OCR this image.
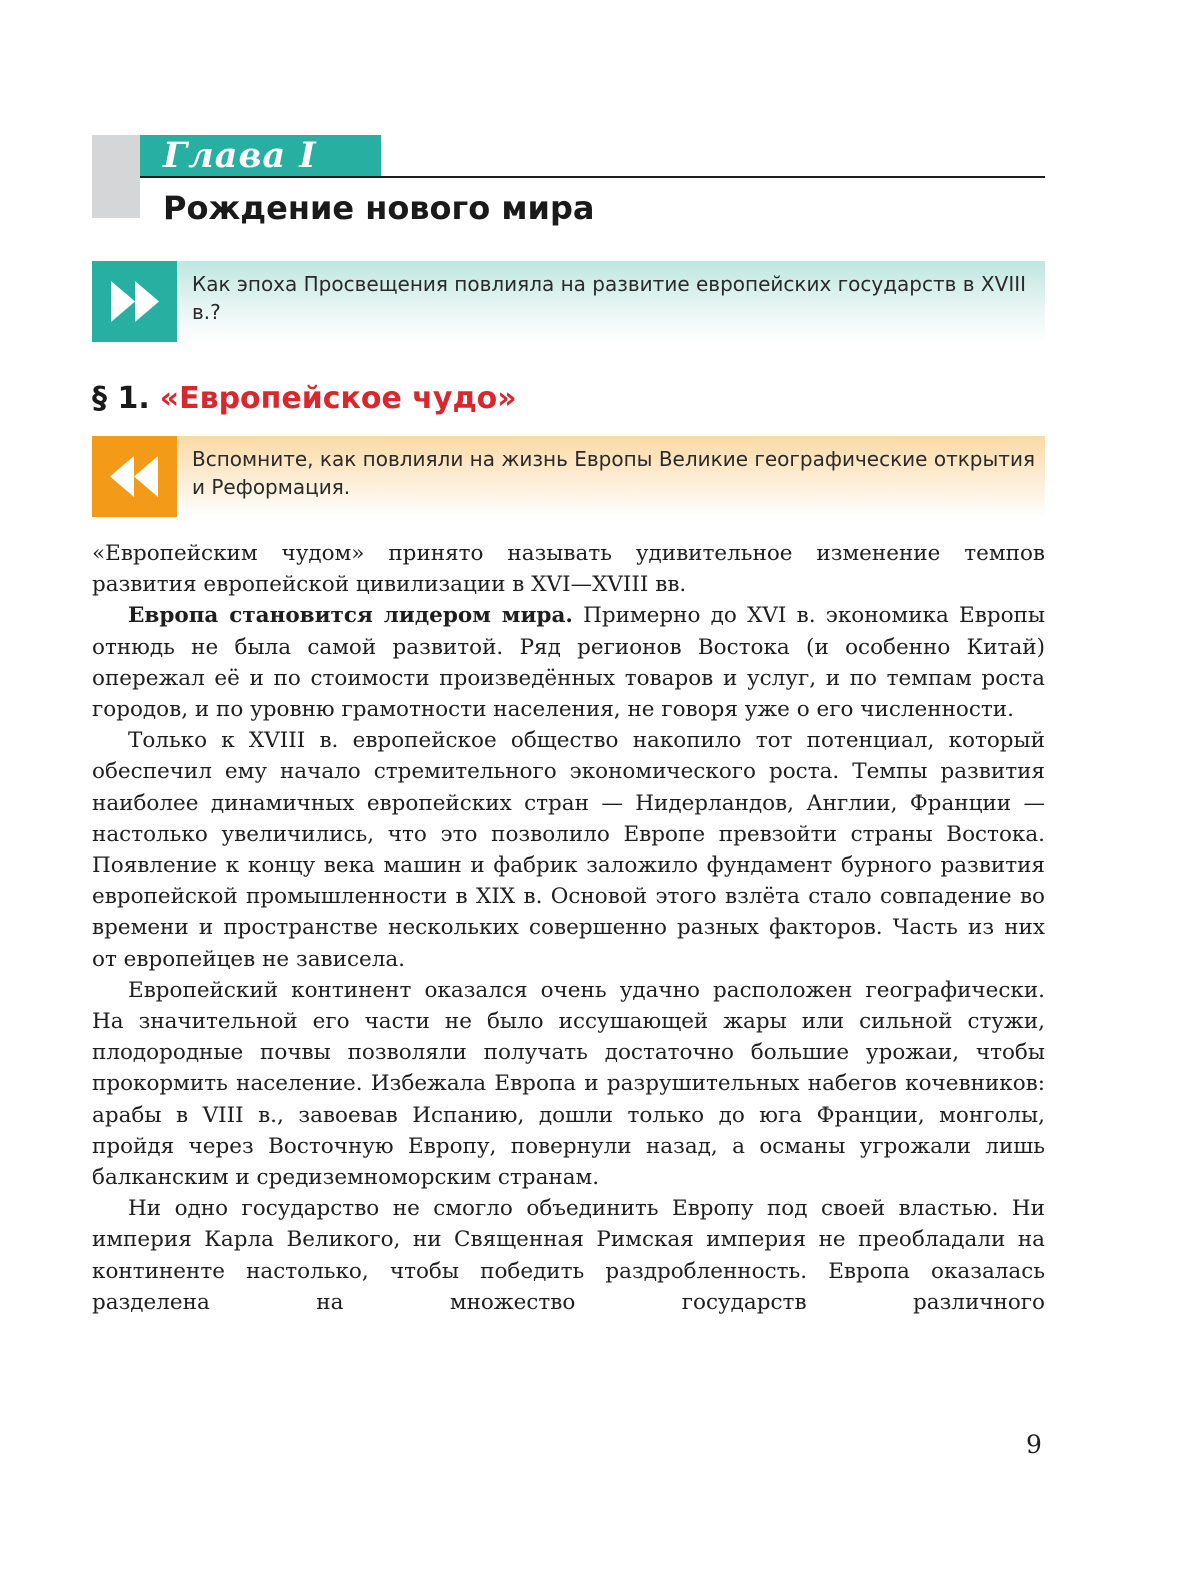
Глава I
Рождение нового мира
Как эпоха Просвещения повлияла на развитие европейских государств в XVIII в.?
§ 1. «Европейское чудо»
Вспомните, как повлияли на жизнь Европы Великие географические открытия и Реформация.

«Европейским чудом» принято называть удивительное изменение темпов развития европейской цивилизации в XVI—XVIII вв.

Европа становится лидером мира. Примерно до XVI в. экономика Европы отнюдь не была самой развитой. Ряд регионов Востока (и особенно Китай) опережал её и по стоимости произведённых товаров и услуг, и по темпам роста городов, и по уровню грамотности населения, не говоря уже о его численности.

Только к XVIII в. европейское общество накопило тот потенциал, который обеспечил ему начало стремительного экономического роста. Темпы развития наиболее динамичных европейских стран — Нидерландов, Англии, Франции — настолько увеличились, что это позволило Европе превзойти страны Востока. Появление к концу века машин и фабрик заложило фундамент бурного развития европейской промышленности в XIX в. Основой этого взлёта стало совпадение во времени и пространстве нескольких совершенно разных факторов. Часть из них от европейцев не зависела.

Европейский континент оказался очень удачно расположен географически. На значительной его части не было иссушающей жары или сильной стужи, плодородные почвы позволяли получать достаточно большие урожаи, чтобы прокормить население. Избежала Европа и разрушительных набегов кочевников: арабы в VIII в., завоевав Испанию, дошли только до юга Франции, монголы, пройдя через Восточную Европу, повернули назад, а османы угрожали лишь балканским и средиземноморским странам.

Ни одно государство не смогло объединить Европу под своей властью. Ни империя Карла Великого, ни Священная Римская империя не преобладали на континенте настолько, чтобы победить раздробленность. Европа оказалась разделена на множество государств различного

9
